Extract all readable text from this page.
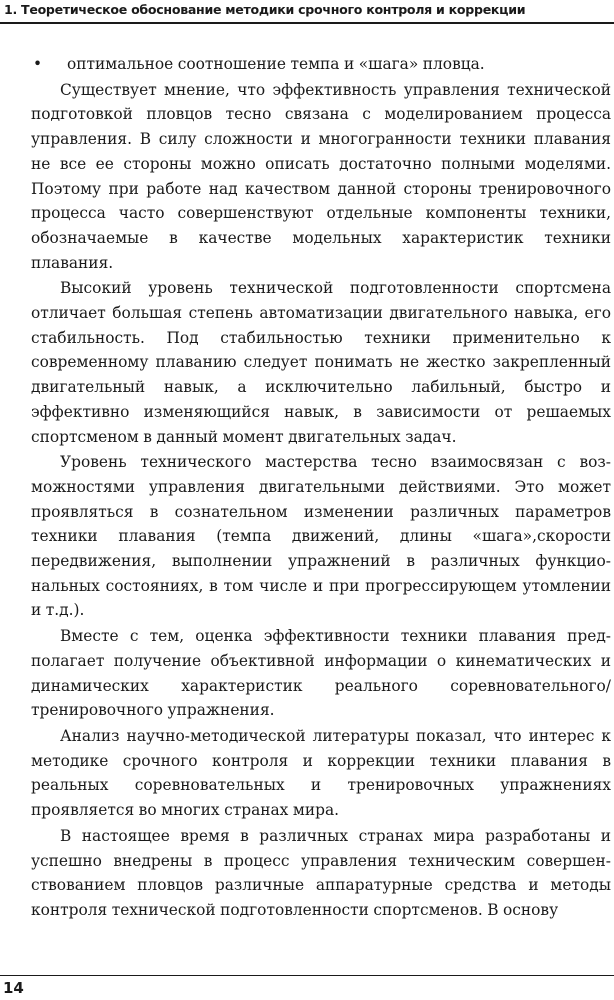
1. Теоретическое обоснование методики срочного контроля и коррекции

• оптимальное соотношение темпа и «шага» пловца.

Существует мнение, что эффективность управления технической подготовкой пловцов тесно связана с моделированием процесса управления. В силу сложности и многогранности техники плавания не все ее стороны можно описать достаточно полными моделями. Поэтому при работе над качеством данной стороны тренировочного процесса часто совершенствуют отдельные компоненты техники, обозначаемые в качестве модельных характеристик техники плавания.

Высокий уровень технической подготовленности спортсмена отличает большая степень автоматизации двигательного навыка, его стабильность. Под стабильностью техники применительно к современному плаванию следует понимать не жестко закрепленный двигательный навык, а исключительно лабильный, быстро и эффективно изменяющийся навык, в зависимости от решаемых спортсменом в данный момент двигательных задач.

Уровень технического мастерства тесно взаимосвязан с возможностями управления двигательными действиями. Это может проявляться в сознательном изменении различных параметров техники плавания (темпа движений, длины «шага»,скорости передвижения, выполнении упражнений в различных функциональных состояниях, в том числе и при прогрессирующем утомлении и т.д.).

Вместе с тем, оценка эффективности техники плавания предполагает получение объективной информации о кинематических и динамических характеристик реального соревновательного/ тренировочного упражнения.

Анализ научно-методической литературы показал, что интерес к методике срочного контроля и коррекции техники плавания в реальных соревновательных и тренировочных упражнениях проявляется во многих странах мира.

В настоящее время в различных странах мира разработаны и успешно внедрены в процесс управления техническим совершенствованием пловцов различные аппаратурные средства и методы контроля технической подготовленности спортсменов. В основу

14
